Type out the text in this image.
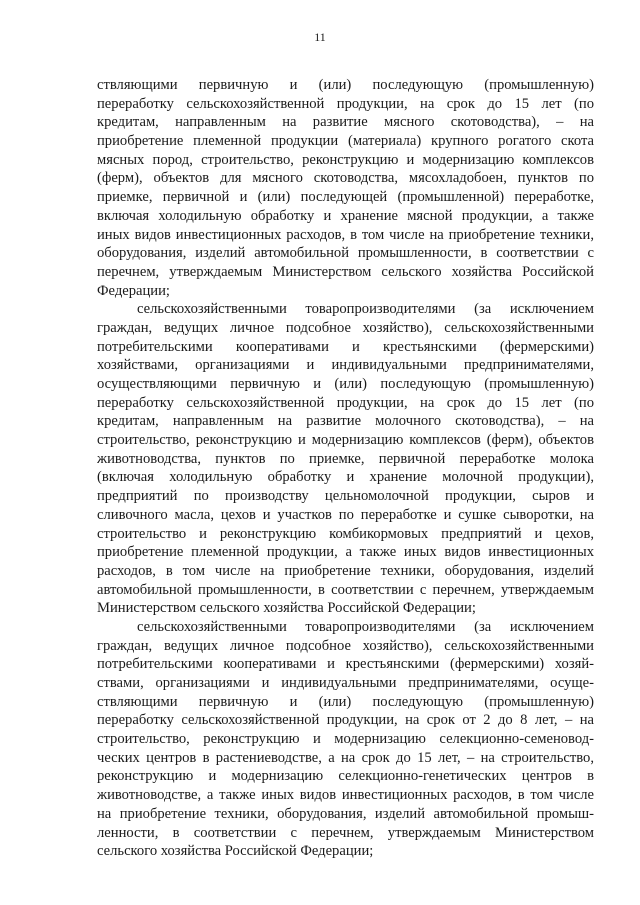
11
ствляющими первичную и (или) последующую (промышленную)
переработку сельскохозяйственной продукции, на срок до 15 лет (по
кредитам, направленным на развитие мясного скотоводства), – на
приобретение племенной продукции (материала) крупного рогатого скота
мясных пород, строительство, реконструкцию и модернизацию комплексов
(ферм), объектов для мясного скотоводства, мясохладобоен, пунктов по
приемке, первичной и (или) последующей (промышленной) переработке,
включая холодильную обработку и хранение мясной продукции, а также
иных видов инвестиционных расходов, в том числе на приобретение техники,
оборудования, изделий автомобильной промышленности, в соответствии с
перечнем, утверждаемым Министерством сельского хозяйства Российской
Федерации;
сельскохозяйственными товаропроизводителями (за исключением
граждан, ведущих личное подсобное хозяйство), сельскохозяйственными
потребительскими кооперативами и крестьянскими (фермерскими)
хозяйствами, организациями и индивидуальными предпринимателями,
осуществляющими первичную и (или) последующую (промышленную)
переработку сельскохозяйственной продукции, на срок до 15 лет (по
кредитам, направленным на развитие молочного скотоводства), – на
строительство, реконструкцию и модернизацию комплексов (ферм), объектов
животноводства, пунктов по приемке, первичной переработке молока
(включая холодильную обработку и хранение молочной продукции),
предприятий по производству цельномолочной продукции, сыров и
сливочного масла, цехов и участков по переработке и сушке сыворотки, на
строительство и реконструкцию комбикормовых предприятий и цехов,
приобретение племенной продукции, а также иных видов инвестиционных
расходов, в том числе на приобретение техники, оборудования, изделий
автомобильной промышленности, в соответствии с перечнем, утверждаемым
Министерством сельского хозяйства Российской Федерации;
сельскохозяйственными товаропроизводителями (за исключением
граждан, ведущих личное подсобное хозяйство), сельскохозяйственными
потребительскими кооперативами и крестьянскими (фермерскими) хозяй-
ствами, организациями и индивидуальными предпринимателями, осуще-
ствляющими первичную и (или) последующую (промышленную)
переработку сельскохозяйственной продукции, на срок от 2 до 8 лет, – на
строительство, реконструкцию и модернизацию селекционно-семеновод-
ческих центров в растениеводстве, а на срок до 15 лет, – на строительство,
реконструкцию и модернизацию селекционно-генетических центров в
животноводстве, а также иных видов инвестиционных расходов, в том числе
на приобретение техники, оборудования, изделий автомобильной промыш-
ленности, в соответствии с перечнем, утверждаемым Министерством
сельского хозяйства Российской Федерации;
